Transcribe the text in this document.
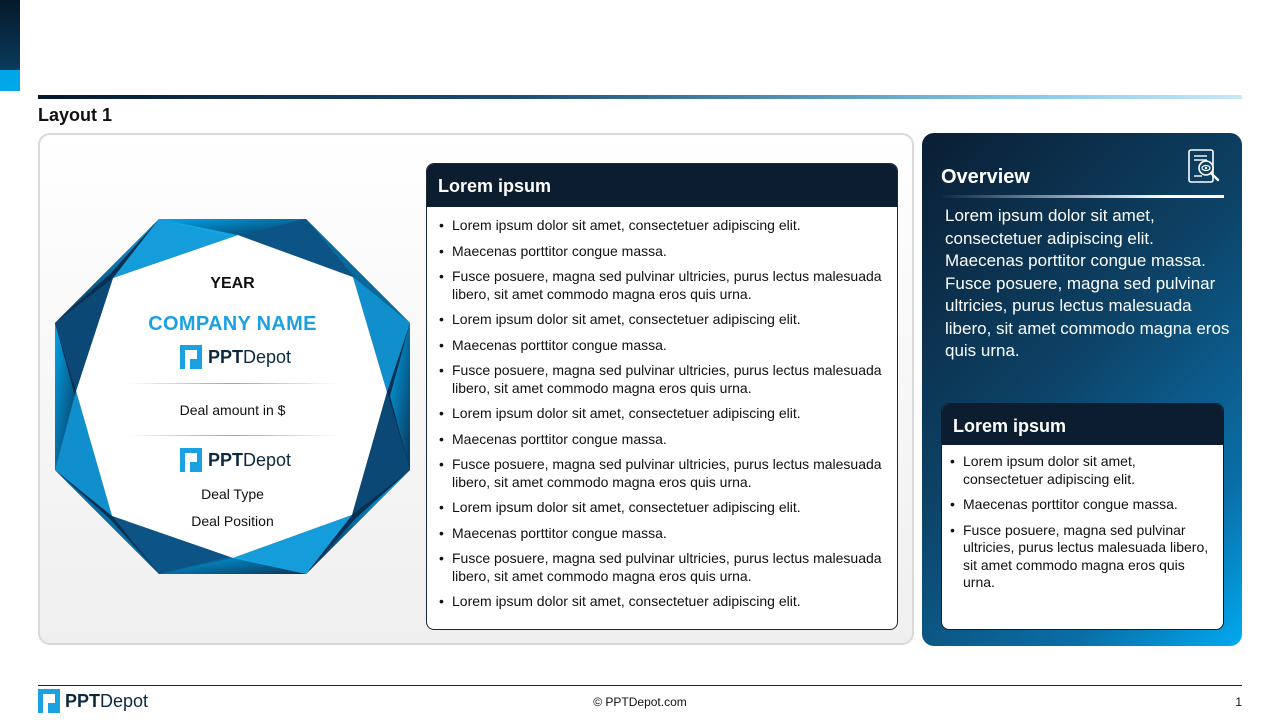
Layout 1
YEAR
COMPANY NAME
PPTDepot
Deal amount in $
PPTDepot
Deal Type
Deal Position
Lorem ipsum
• Lorem ipsum dolor sit amet, consectetuer adipiscing elit.
• Maecenas porttitor congue massa.
• Fusce posuere, magna sed pulvinar ultricies, purus lectus malesuada libero, sit amet commodo magna eros quis urna.
• Lorem ipsum dolor sit amet, consectetuer adipiscing elit.
• Maecenas porttitor congue massa.
• Fusce posuere, magna sed pulvinar ultricies, purus lectus malesuada libero, sit amet commodo magna eros quis urna.
• Lorem ipsum dolor sit amet, consectetuer adipiscing elit.
• Maecenas porttitor congue massa.
• Fusce posuere, magna sed pulvinar ultricies, purus lectus malesuada libero, sit amet commodo magna eros quis urna.
• Lorem ipsum dolor sit amet, consectetuer adipiscing elit.
• Maecenas porttitor congue massa.
• Fusce posuere, magna sed pulvinar ultricies, purus lectus malesuada libero, sit amet commodo magna eros quis urna.
• Lorem ipsum dolor sit amet, consectetuer adipiscing elit.
Overview
Lorem ipsum dolor sit amet, consectetuer adipiscing elit. Maecenas porttitor congue massa. Fusce posuere, magna sed pulvinar ultricies, purus lectus malesuada libero, sit amet commodo magna eros quis urna.
Lorem ipsum
• Lorem ipsum dolor sit amet, consectetuer adipiscing elit.
• Maecenas porttitor congue massa.
• Fusce posuere, magna sed pulvinar ultricies, purus lectus malesuada libero, sit amet commodo magna eros quis urna.
PPTDepot	© PPTDepot.com	1
